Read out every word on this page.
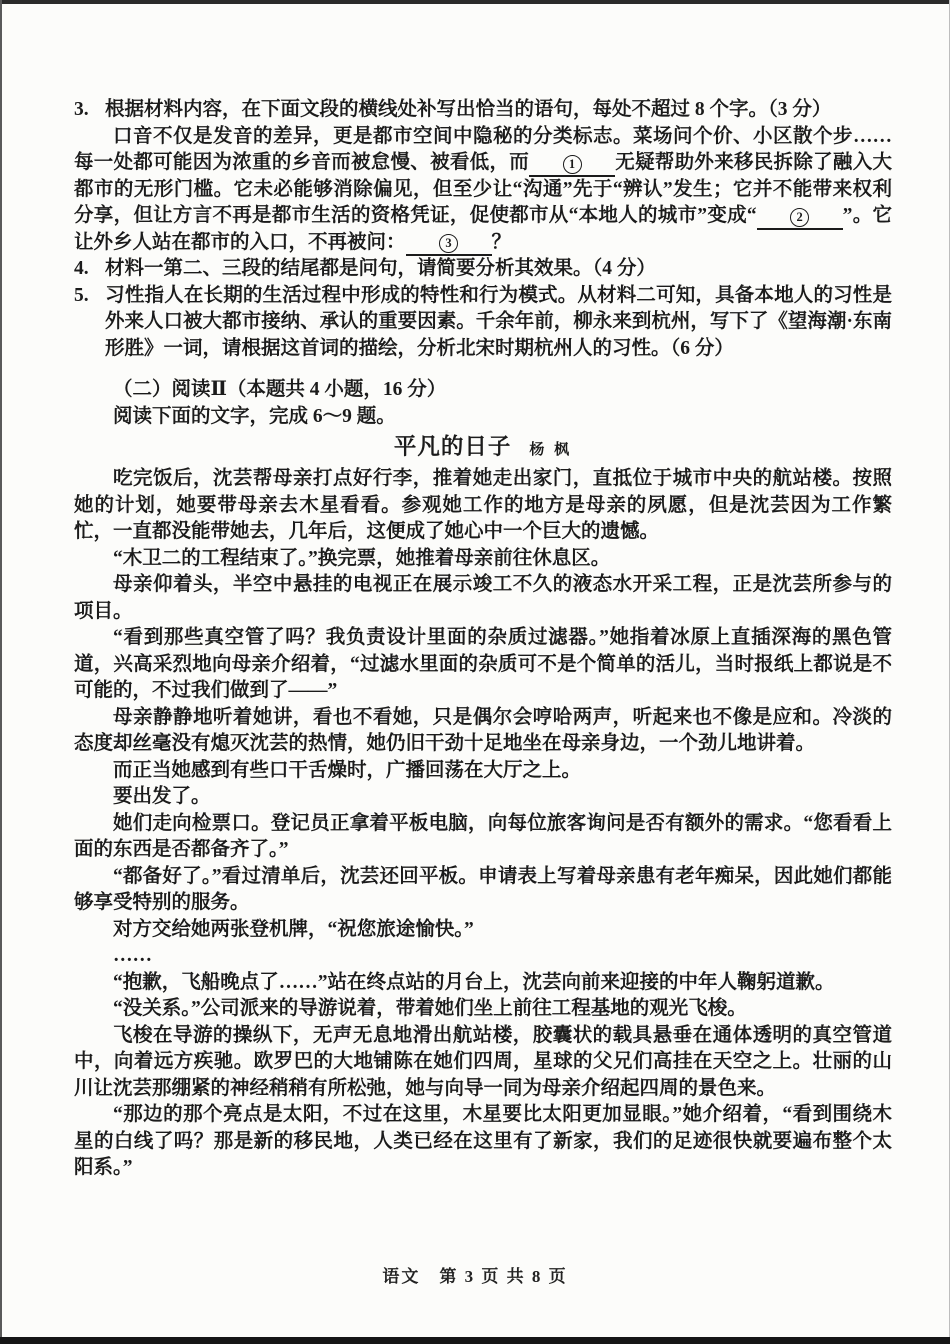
3. 根据材料内容，在下面文段的横线处补写出恰当的语句，每处不超过 8 个字。（3 分）

口音不仅是发音的差异，更是都市空间中隐秘的分类标志。菜场问个价、小区散个步……每一处都可能因为浓重的乡音而被怠慢、被看低，而	1 无疑帮助外来移民拆除了融入大都市的无形门槛。它未必能够消除偏见，但至少让“沟通”先于“辨认”发生；它并不能带来权利分享，但让方言不再是都市生活的资格凭证，促使都市从“本地人的城市”变成“	2 ”。它让外乡人站在都市的入口，不再被问：	3 ？

4. 材料一第二、三段的结尾都是问句，请简要分析其效果。（4 分）

5. 习性指人在长期的生活过程中形成的特性和行为模式。从材料二可知，具备本地人的习性是外来人口被大都市接纳、承认的重要因素。千余年前，柳永来到杭州，写下了《望海潮·东南形胜》一词，请根据这首词的描绘，分析北宋时期杭州人的习性。（6 分）

（二）阅读Ⅱ（本题共 4 小题，16 分）

阅读下面的文字，完成 6～9 题。

平凡的日子 杨 枫

吃完饭后，沈芸帮母亲打点好行李，推着她走出家门，直抵位于城市中央的航站楼。按照她的计划，她要带母亲去木星看看。参观她工作的地方是母亲的夙愿，但是沈芸因为工作繁忙，一直都没能带她去，几年后，这便成了她心中一个巨大的遗憾。

“木卫二的工程结束了。”换完票，她推着母亲前往休息区。

母亲仰着头，半空中悬挂的电视正在展示竣工不久的液态水开采工程，正是沈芸所参与的项目。

“看到那些真空管了吗？我负责设计里面的杂质过滤器。”她指着冰原上直插深海的黑色管道，兴高采烈地向母亲介绍着，“过滤水里面的杂质可不是个简单的活儿，当时报纸上都说是不可能的，不过我们做到了——”

母亲静静地听着她讲，看也不看她，只是偶尔会哼哈两声，听起来也不像是应和。冷淡的态度却丝毫没有熄灭沈芸的热情，她仍旧干劲十足地坐在母亲身边，一个劲儿地讲着。

而正当她感到有些口干舌燥时，广播回荡在大厅之上。

要出发了。

她们走向检票口。登记员正拿着平板电脑，向每位旅客询问是否有额外的需求。“您看看上面的东西是否都备齐了。”

“都备好了。”看过清单后，沈芸还回平板。申请表上写着母亲患有老年痴呆，因此她们都能够享受特别的服务。

对方交给她两张登机牌，“祝您旅途愉快。”

……

“抱歉，飞船晚点了……”站在终点站的月台上，沈芸向前来迎接的中年人鞠躬道歉。

“没关系。”公司派来的导游说着，带着她们坐上前往工程基地的观光飞梭。

飞梭在导游的操纵下，无声无息地滑出航站楼，胶囊状的载具悬垂在通体透明的真空管道中，向着远方疾驰。欧罗巴的大地铺陈在她们四周，星球的父兄们高挂在天空之上。壮丽的山川让沈芸那绷紧的神经稍稍有所松弛，她与向导一同为母亲介绍起四周的景色来。

“那边的那个亮点是太阳，不过在这里，木星要比太阳更加显眼。”她介绍着，“看到围绕木星的白线了吗？那是新的移民地，人类已经在这里有了新家，我们的足迹很快就要遍布整个太阳系。”

语文　第 3 页 共 8 页
